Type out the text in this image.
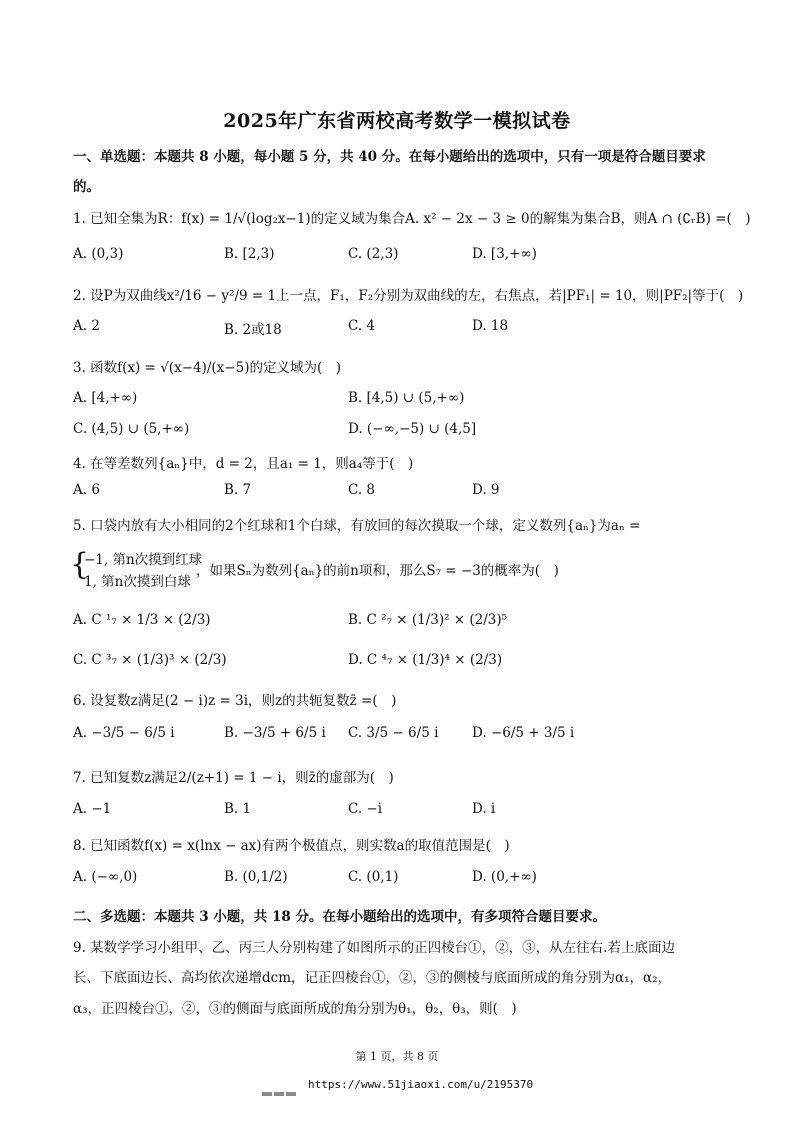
2025年广东省两校高考数学一模拟试卷
一、单选题：本题共 8 小题，每小题 5 分，共 40 分。在每小题给出的选项中，只有一项是符合题目要求
的。
1. 已知全集为R：f(x) = 1/√(log₂x−1)的定义域为集合A. x² − 2x − 3 ≥ 0的解集为集合B，则A ∩ (∁ᵣB) =(　)
A. (0,3)	B. [2,3)	C. (2,3)	D. [3,+∞)
2. 设P为双曲线x²/16 − y²/9 = 1上一点，F₁，F₂分别为双曲线的左，右焦点，若|PF₁| = 10，则|PF₂|等于(　)
A. 2	B. 2或18	C. 4	D. 18
3. 函数f(x) = √(x−4)/(x−5)的定义域为(　)
A. [4,+∞)	B. [4,5) ∪ (5,+∞)
C. (4,5) ∪ (5,+∞)	D. (−∞,−5) ∪ (4,5]
4. 在等差数列{aₙ}中，d = 2，且a₁ = 1，则a₄等于(　)
A. 6	B. 7	C. 8	D. 9
5. 口袋内放有大小相同的2个红球和1个白球，有放回的每次摸取一个球，定义数列{aₙ}为aₙ =
{
−1, 第n次摸到红球
1, 第n次摸到白球
，如果Sₙ为数列{aₙ}的前n项和，那么S₇ = −3的概率为(　)
A. C ¹₇ × 1/3 × (2/3)	B. C ²₇ × (1/3)² × (2/3)⁵
C. C ³₇ × (1/3)³ × (2/3)	D. C ⁴₇ × (1/3)⁴ × (2/3)
6. 设复数z满足(2 − i)z = 3i，则z的共轭复数z̄ =(　)
A. −3/5 − 6/5 i	B. −3/5 + 6/5 i C. 3/5 − 6/5 i D. −6/5 + 3/5 i
7. 已知复数z满足2/(z+1) = 1 − i，则z̄的虚部为(　)
A. −1	B. 1	C. −i	D. i
8. 已知函数f(x) = x(lnx − ax)有两个极值点，则实数a的取值范围是(　)
A. (−∞,0)	B. (0,1/2)	C. (0,1)	D. (0,+∞)
二、多选题：本题共 3 小题，共 18 分。在每小题给出的选项中，有多项符合题目要求。
9. 某数学学习小组甲、乙、丙三人分别构建了如图所示的正四棱台①，②，③，从左往右.若上底面边
长、下底面边长、高均依次递增dcm，记正四棱台①，②，③的侧棱与底面所成的角分别为α₁，α₂，
α₃，正四棱台①，②，③的侧面与底面所成的角分别为θ₁，θ₂，θ₃，则(　)
第 1 页，共 8 页
https://www.51jiaoxi.com/u/2195370
